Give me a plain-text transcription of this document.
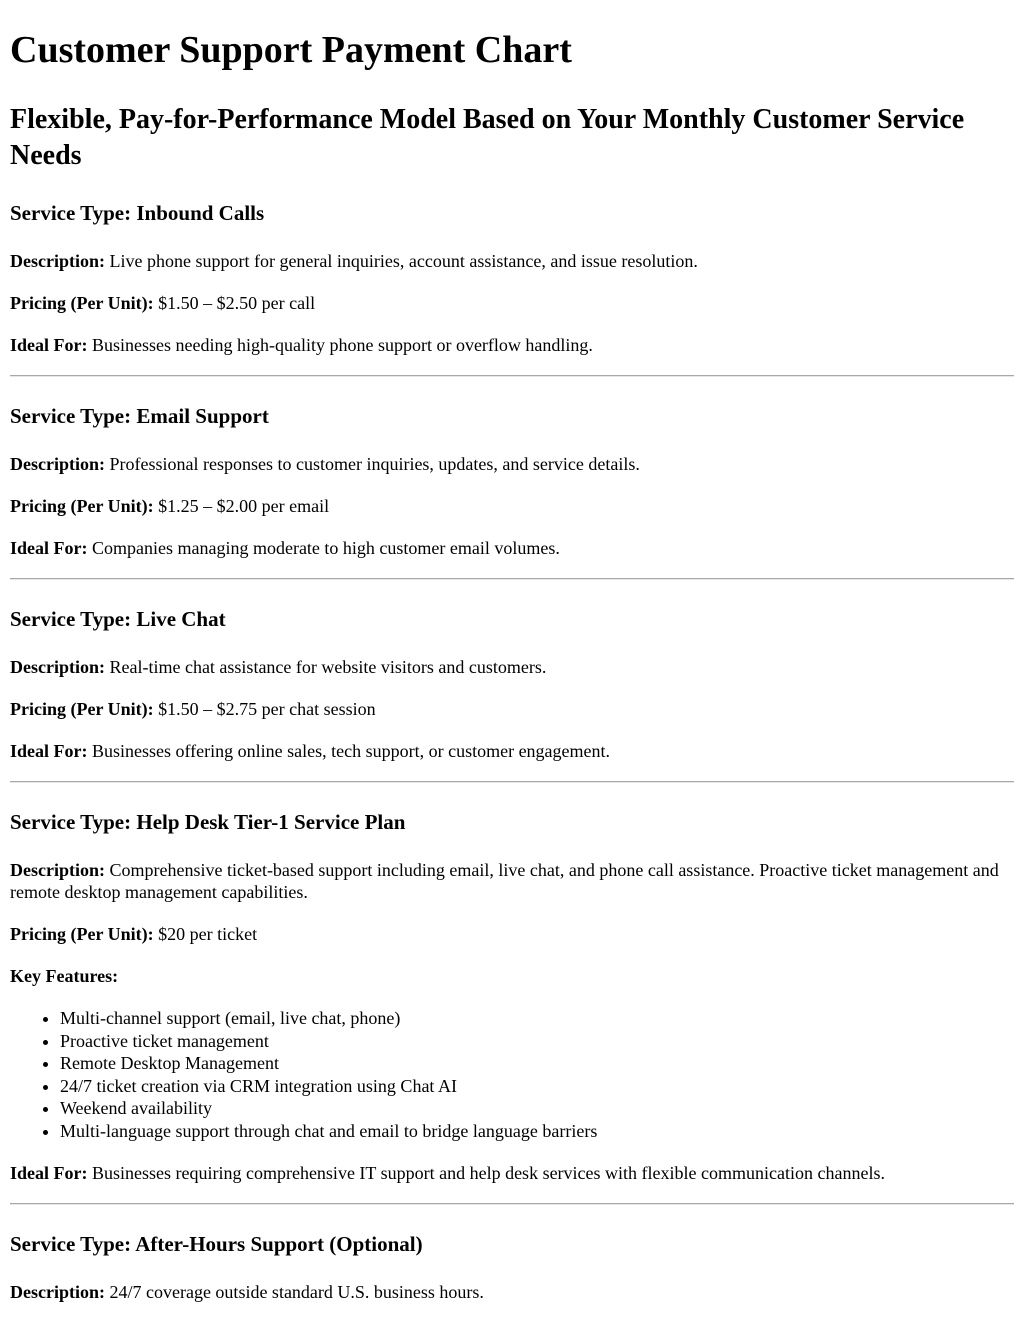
Customer Support Payment Chart
Flexible, Pay-for-Performance Model Based on Your Monthly Customer Service Needs
Service Type: Inbound Calls

Description: Live phone support for general inquiries, account assistance, and issue resolution.

Pricing (Per Unit): $1.50 – $2.50 per call

Ideal For: Businesses needing high-quality phone support or overflow handling.

Service Type: Email Support

Description: Professional responses to customer inquiries, updates, and service details.

Pricing (Per Unit): $1.25 – $2.00 per email

Ideal For: Companies managing moderate to high customer email volumes.

Service Type: Live Chat

Description: Real-time chat assistance for website visitors and customers.

Pricing (Per Unit): $1.50 – $2.75 per chat session

Ideal For: Businesses offering online sales, tech support, or customer engagement.

Service Type: Help Desk Tier-1 Service Plan

Description: Comprehensive ticket-based support including email, live chat, and phone call assistance. Proactive ticket management and remote desktop management capabilities.

Pricing (Per Unit): $20 per ticket

Key Features:

• Multi-channel support (email, live chat, phone)
• Proactive ticket management
• Remote Desktop Management
• 24/7 ticket creation via CRM integration using Chat AI
• Weekend availability
• Multi-language support through chat and email to bridge language barriers

Ideal For: Businesses requiring comprehensive IT support and help desk services with flexible communication channels.

Service Type: After-Hours Support (Optional)

Description: 24/7 coverage outside standard U.S. business hours.
